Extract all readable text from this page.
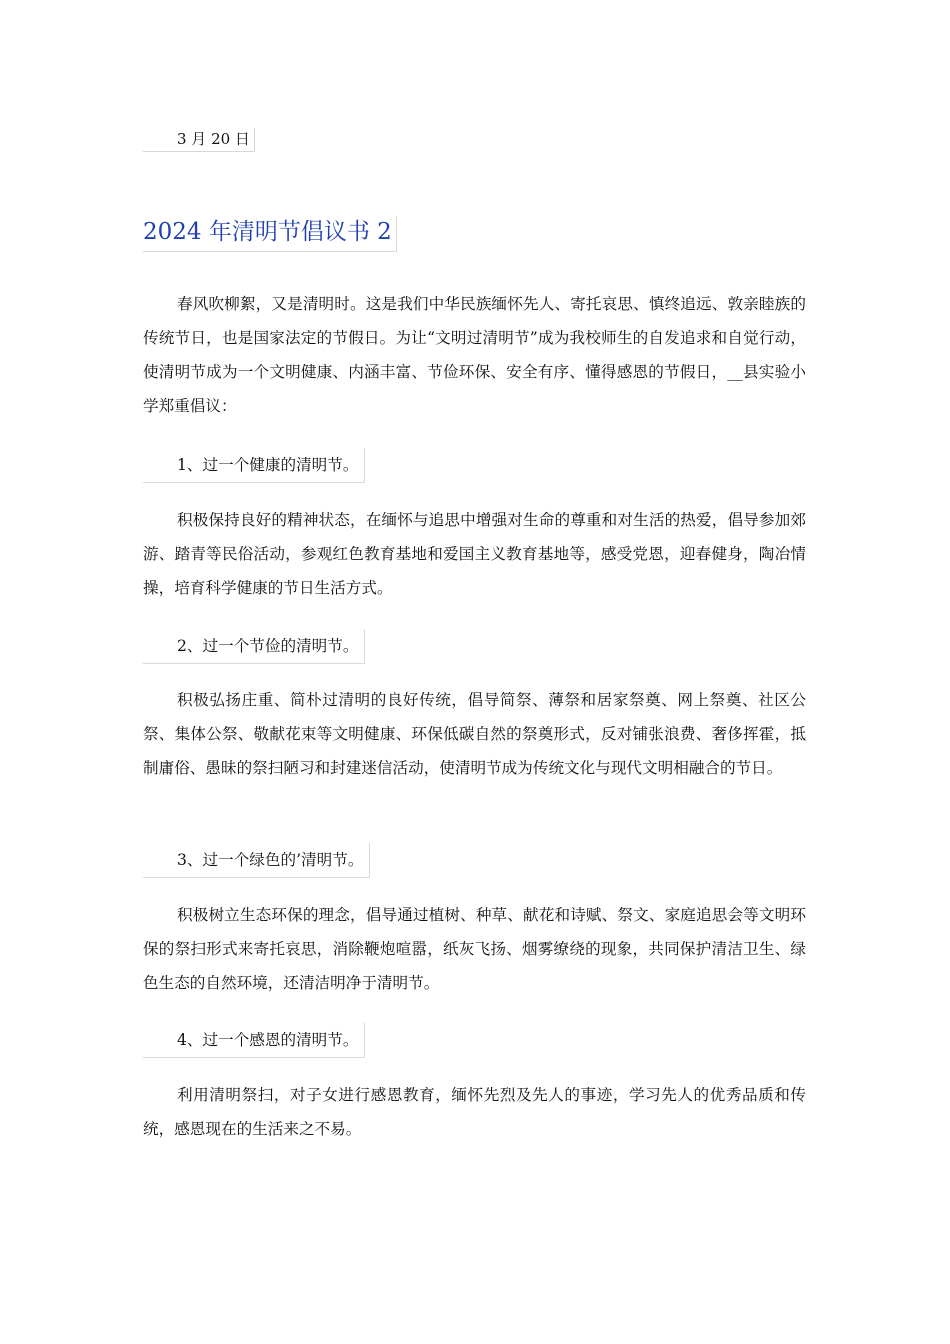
3 月 20 日
2024 年清明节倡议书 2
春风吹柳絮，又是清明时。这是我们中华民族缅怀先人、寄托哀思、慎终追远、敦亲睦族的传统节日，也是国家法定的节假日。为让“文明过清明节”成为我校师生的自发追求和自觉行动，使清明节成为一个文明健康、内涵丰富、节俭环保、安全有序、懂得感恩的节假日，__县实验小学郑重倡议：
1、过一个健康的清明节。
积极保持良好的精神状态，在缅怀与追思中增强对生命的尊重和对生活的热爱，倡导参加郊游、踏青等民俗活动，参观红色教育基地和爱国主义教育基地等，感受党恩，迎春健身，陶冶情操，培育科学健康的节日生活方式。
2、过一个节俭的清明节。
积极弘扬庄重、简朴过清明的良好传统，倡导简祭、薄祭和居家祭奠、网上祭奠、社区公祭、集体公祭、敬献花束等文明健康、环保低碳自然的祭奠形式，反对铺张浪费、奢侈挥霍，抵制庸俗、愚昧的祭扫陋习和封建迷信活动，使清明节成为传统文化与现代文明相融合的节日。
3、过一个绿色的’清明节。
积极树立生态环保的理念，倡导通过植树、种草、献花和诗赋、祭文、家庭追思会等文明环保的祭扫形式来寄托哀思，消除鞭炮喧嚣，纸灰飞扬、烟雾缭绕的现象，共同保护清洁卫生、绿色生态的自然环境，还清洁明净于清明节。
4、过一个感恩的清明节。
利用清明祭扫，对子女进行感恩教育，缅怀先烈及先人的事迹，学习先人的优秀品质和传统，感恩现在的生活来之不易。
